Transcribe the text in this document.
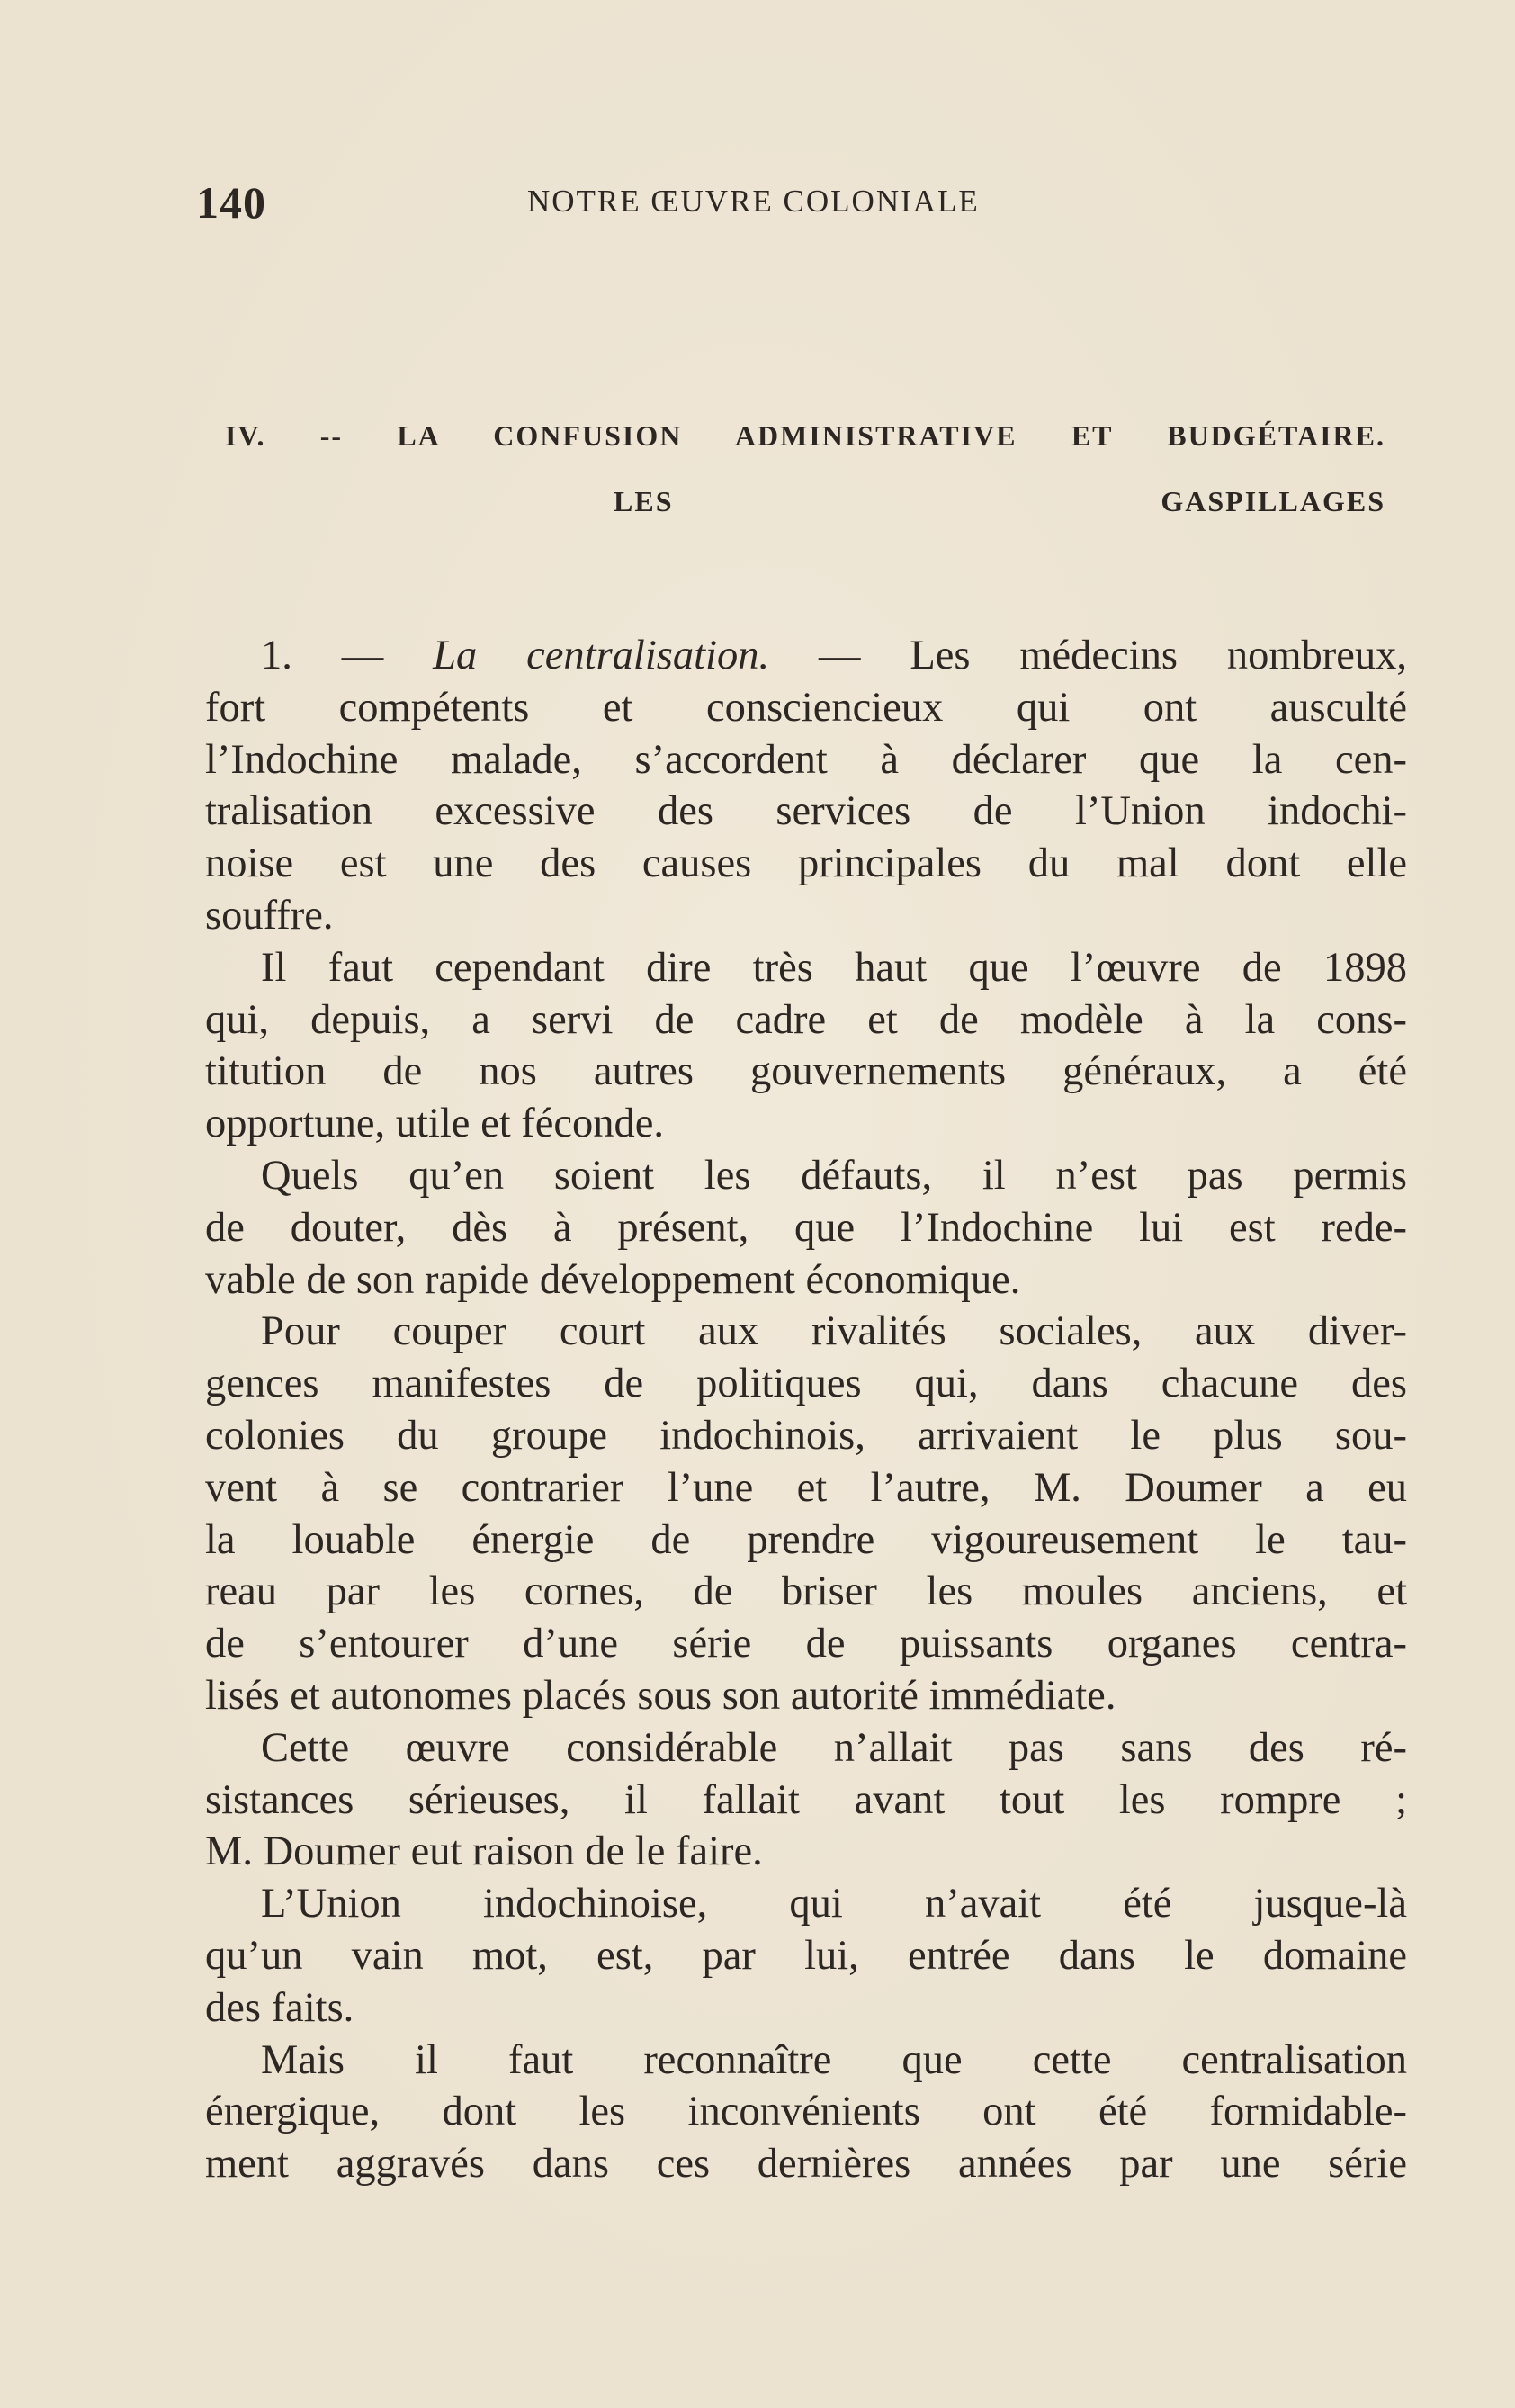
140	NOTRE ŒUVRE COLONIALE
IV. -- LA CONFUSION ADMINISTRATIVE ET BUDGÉTAIRE.
LES GASPILLAGES
1. — La centralisation. — Les médecins nombreux,
fort compétents et consciencieux qui ont ausculté
l’Indochine malade, s’accordent à déclarer que la cen-
tralisation excessive des services de l’Union indochi-
noise est une des causes principales du mal dont elle
souffre.
Il faut cependant dire très haut que l’œuvre de 1898
qui, depuis, a servi de cadre et de modèle à la cons-
titution de nos autres gouvernements généraux, a été
opportune, utile et féconde.
Quels qu’en soient les défauts, il n’est pas permis
de douter, dès à présent, que l’Indochine lui est rede-
vable de son rapide développement économique.
Pour couper court aux rivalités sociales, aux diver-
gences manifestes de politiques qui, dans chacune des
colonies du groupe indochinois, arrivaient le plus sou-
vent à se contrarier l’une et l’autre, M. Doumer a eu
la louable énergie de prendre vigoureusement le tau-
reau par les cornes, de briser les moules anciens, et
de s’entourer d’une série de puissants organes centra-
lisés et autonomes placés sous son autorité immédiate.
Cette œuvre considérable n’allait pas sans des ré-
sistances sérieuses, il fallait avant tout les rompre ;
M. Doumer eut raison de le faire.
L’Union indochinoise, qui n’avait été jusque-là
qu’un vain mot, est, par lui, entrée dans le domaine
des faits.
Mais il faut reconnaître que cette centralisation
énergique, dont les inconvénients ont été formidable-
ment aggravés dans ces dernières années par une série
